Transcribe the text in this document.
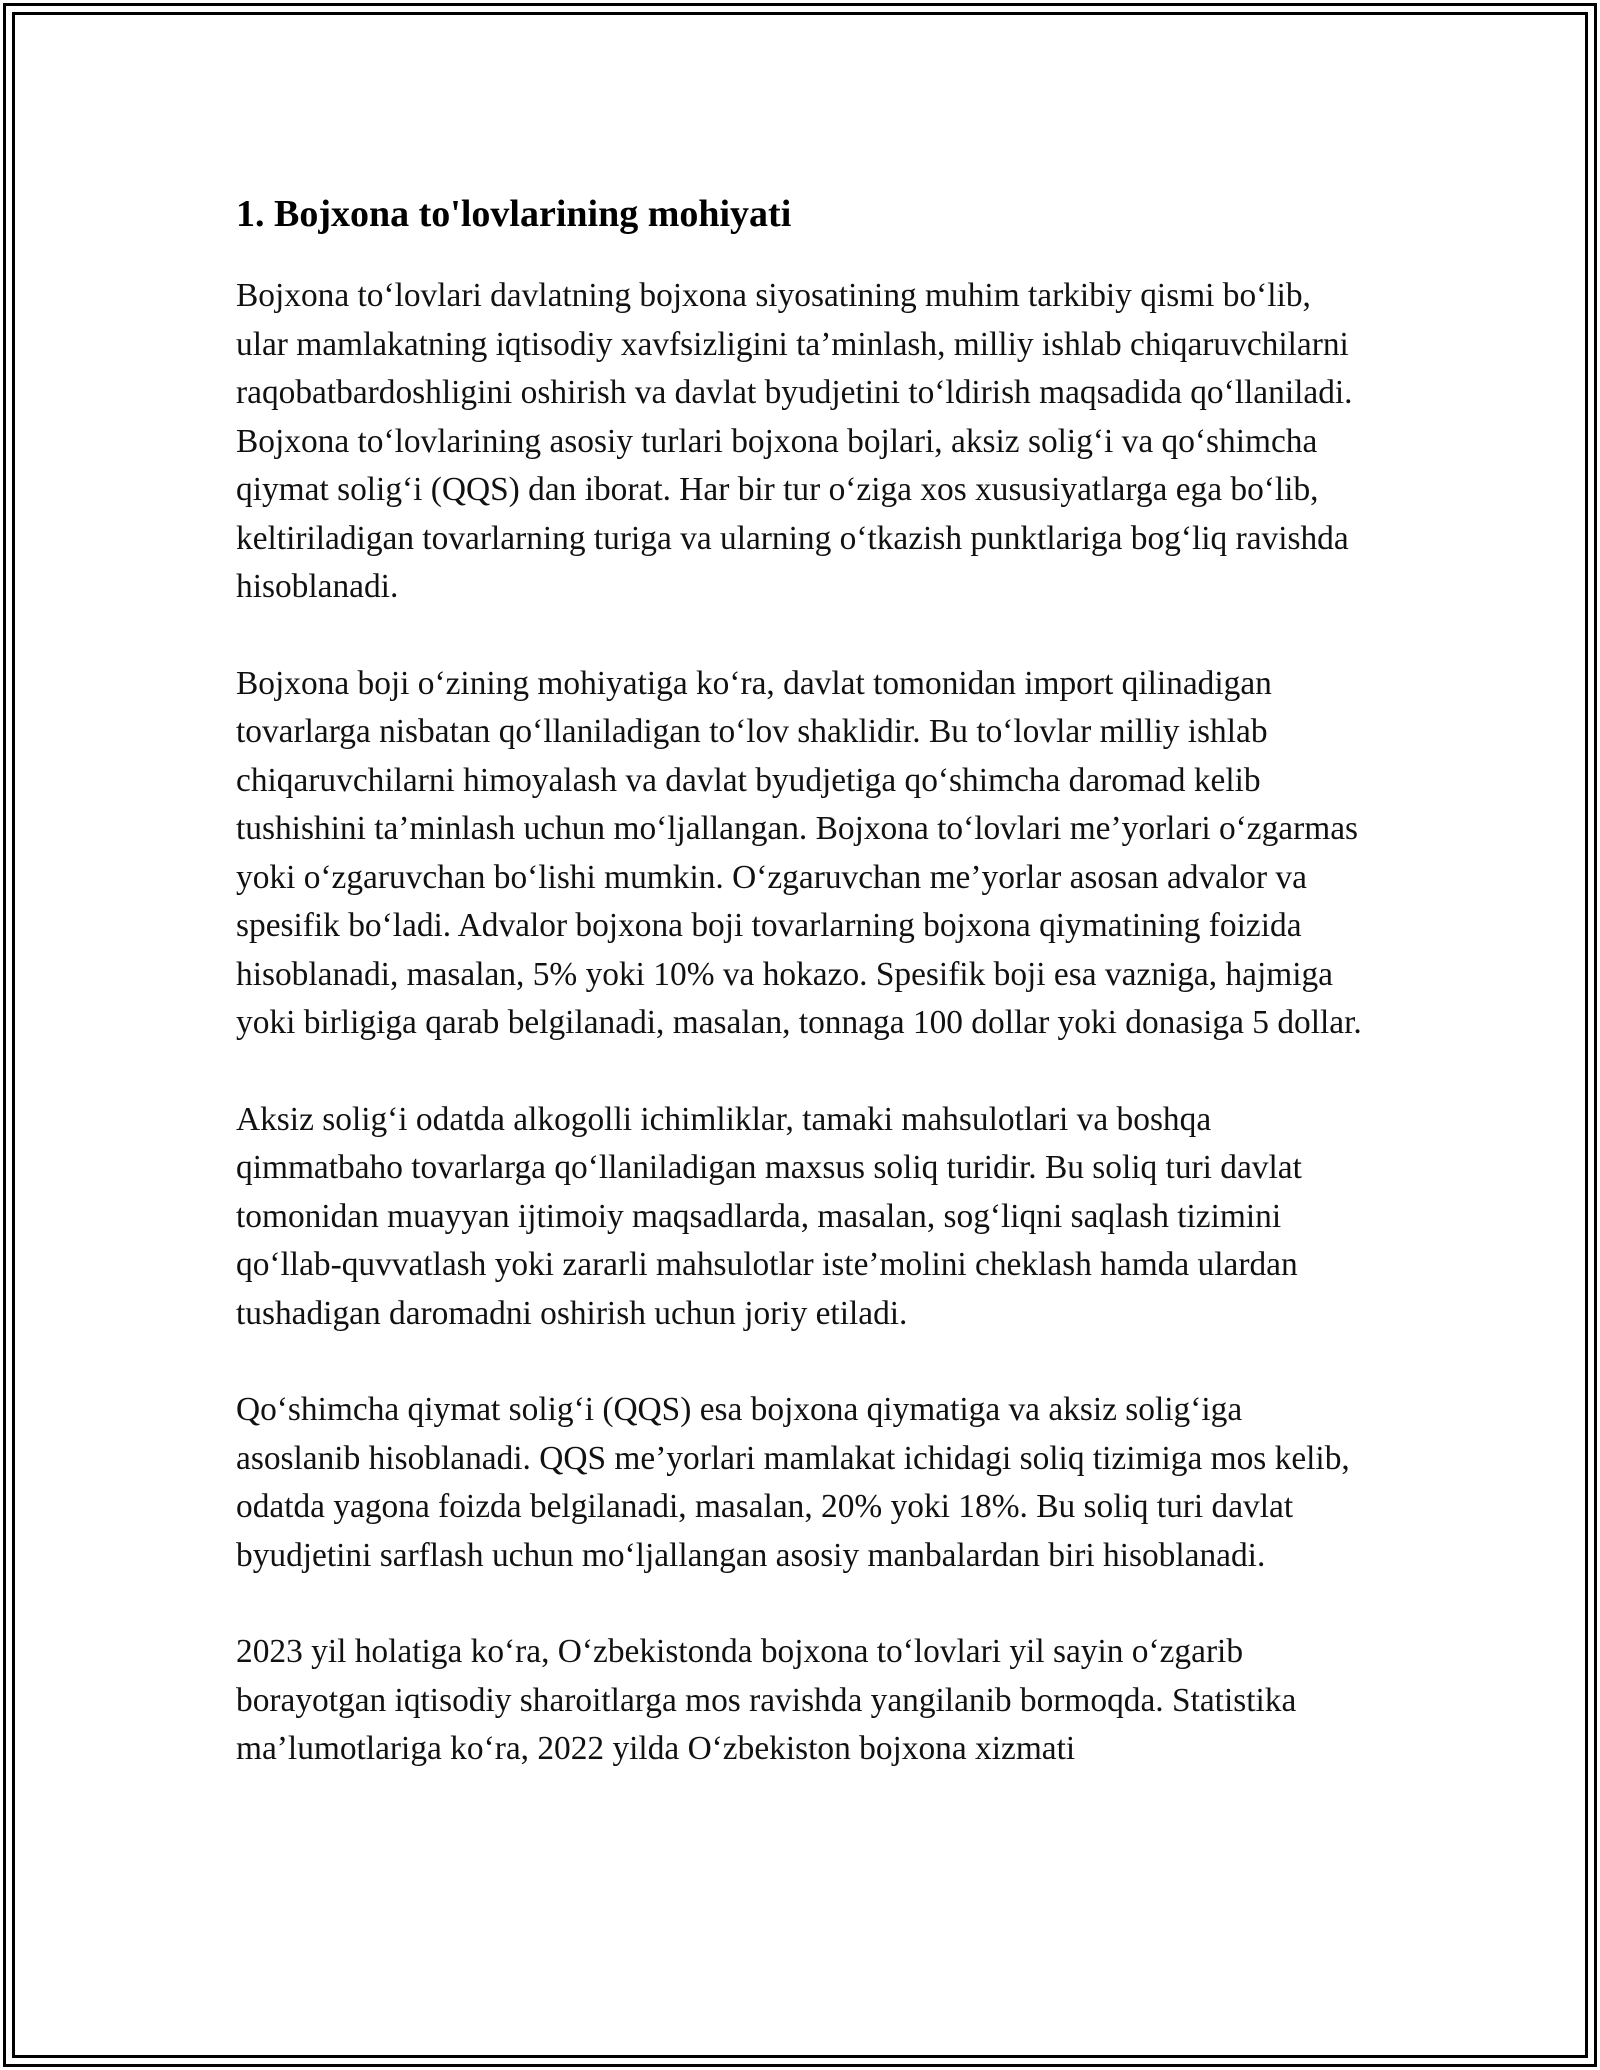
1. Bojxona to'lovlarining mohiyati

Bojxona to‘lovlari davlatning bojxona siyosatining muhim tarkibiy qismi bo‘lib, ular mamlakatning iqtisodiy xavfsizligini ta’minlash, milliy ishlab chiqaruvchilarni raqobatbardoshligini oshirish va davlat byudjetini to‘ldirish maqsadida qo‘llaniladi. Bojxona to‘lovlarining asosiy turlari bojxona bojlari, aksiz solig‘i va qo‘shimcha qiymat solig‘i (QQS) dan iborat. Har bir tur o‘ziga xos xususiyatlarga ega bo‘lib, keltiriladigan tovarlarning turiga va ularning o‘tkazish punktlariga bog‘liq ravishda hisoblanadi.

Bojxona boji o‘zining mohiyatiga ko‘ra, davlat tomonidan import qilinadigan tovarlarga nisbatan qo‘llaniladigan to‘lov shaklidir. Bu to‘lovlar milliy ishlab chiqaruvchilarni himoyalash va davlat byudjetiga qo‘shimcha daromad kelib tushishini ta’minlash uchun mo‘ljallangan. Bojxona to‘lovlari me’yorlari o‘zgarmas yoki o‘zgaruvchan bo‘lishi mumkin. O‘zgaruvchan me’yorlar asosan advalor va spesifik bo‘ladi. Advalor bojxona boji tovarlarning bojxona qiymatining foizida hisoblanadi, masalan, 5% yoki 10% va hokazo. Spesifik boji esa vazniga, hajmiga yoki birligiga qarab belgilanadi, masalan, tonnaga 100 dollar yoki donasiga 5 dollar.

Aksiz solig‘i odatda alkogolli ichimliklar, tamaki mahsulotlari va boshqa qimmatbaho tovarlarga qo‘llaniladigan maxsus soliq turidir. Bu soliq turi davlat tomonidan muayyan ijtimoiy maqsadlarda, masalan, sog‘liqni saqlash tizimini qo‘llab-quvvatlash yoki zararli mahsulotlar iste’molini cheklash hamda ulardan tushadigan daromadni oshirish uchun joriy etiladi.

Qo‘shimcha qiymat solig‘i (QQS) esa bojxona qiymatiga va aksiz solig‘iga asoslanib hisoblanadi. QQS me’yorlari mamlakat ichidagi soliq tizimiga mos kelib, odatda yagona foizda belgilanadi, masalan, 20% yoki 18%. Bu soliq turi davlat byudjetini sarflash uchun mo‘ljallangan asosiy manbalardan biri hisoblanadi.

2023 yil holatiga ko‘ra, O‘zbekistonda bojxona to‘lovlari yil sayin o‘zgarib borayotgan iqtisodiy sharoitlarga mos ravishda yangilanib bormoqda. Statistika ma’lumotlariga ko‘ra, 2022 yilda O‘zbekiston bojxona xizmati
